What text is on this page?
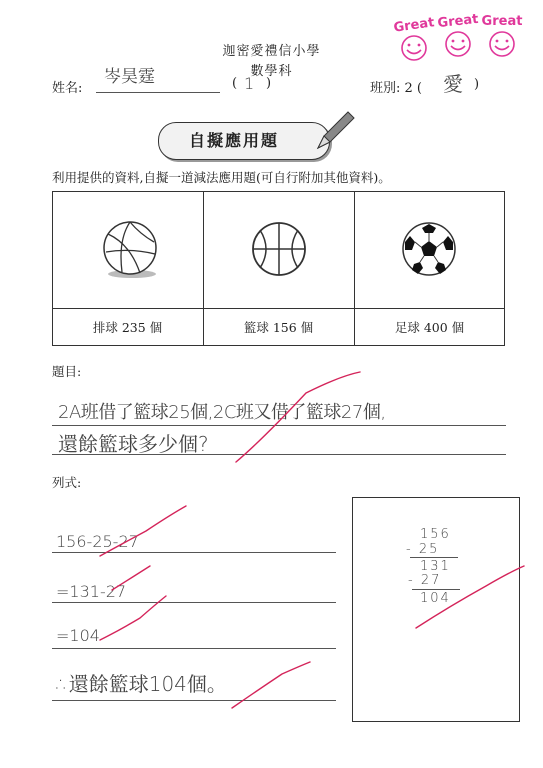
迦密愛禮信小學
數學科
姓名:
岑昊霆	( 1 )	班別: 2 ( 愛 )
Great Great Great
自擬應用題
利用提供的資料,自擬一道減法應用題(可自行附加其他資料)。
排球 235 個	籃球 156 個	足球 400 個
題目:
2A班借了籃球25個,2C班又借了籃球27個,
還餘籃球多少個?
列式:
156-25-27
=131-27
=104
∴還餘籃球104個。
156
- 25
131
- 27
104
